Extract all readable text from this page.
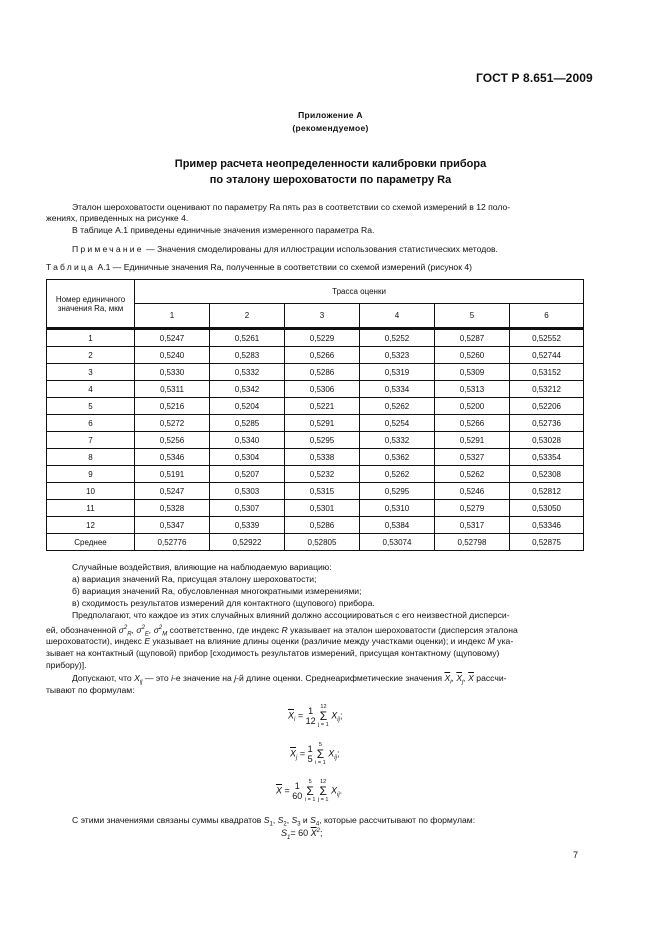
ГОСТ Р 8.651—2009
Приложение А
(рекомендуемое)
Пример расчета неопределенности калибровки прибора
по эталону шероховатости по параметру Ra
Эталон шероховатости оценивают по параметру Ra пять раз в соответствии со схемой измерений в 12 поло-
жениях, приведенных на рисунке 4.
В таблице А.1 приведены единичные значения измеренного параметра Ra.
Примечание — Значения смоделированы для иллюстрации использования статистических методов.
Таблица А.1 — Единичные значения Ra, полученные в соответствии со схемой измерений (рисунок 4)
Номер единичного
значения Ra, мкм	Трасса оценки					
	1	2	3	4	5	6
1	0,5247	0,5261	0,5229	0,5252	0,5287	0,52552
2	0,5240	0,5283	0,5266	0,5323	0,5260	0,52744
3	0,5330	0,5332	0,5286	0,5319	0,5309	0,53152
4	0,5311	0,5342	0,5306	0,5334	0,5313	0,53212
5	0,5216	0,5204	0,5221	0,5262	0,5200	0,52206
6	0,5272	0,5285	0,5291	0,5254	0,5266	0,52736
7	0,5256	0,5340	0,5295	0,5332	0,5291	0,53028
8	0,5346	0,5304	0,5338	0,5362	0,5327	0,53354
9	0,5191	0,5207	0,5232	0,5262	0,5262	0,52308
10	0,5247	0,5303	0,5315	0,5295	0,5246	0,52812
11	0,5328	0,5307	0,5301	0,5310	0,5279	0,53050
12	0,5347	0,5339	0,5286	0,5384	0,5317	0,53346
Среднее	0,52776	0,52922	0,52805	0,53074	0,52798	0,52875
Случайные воздействия, влияющие на наблюдаемую вариацию:
а) вариация значений Ra, присущая эталону шероховатости;
б) вариация значений Ra, обусловленная многократными измерениями;
в) сходимость результатов измерений для контактного (щупового) прибора.
Предполагают, что каждое из этих случайных влияний должно ассоциироваться с его неизвестной дисперси-
ей, обозначенной $\sigma^2_R$, $\sigma^2_E$, $\sigma^2_M$ соответственно, где индекс R указывает на эталон шероховатости (дисперсия эталона
шероховатости), индекс E указывает на влияние длины оценки (различие между участками оценки); и индекс M ука-
зывает на контактный (щуповой) прибор [сходимость результатов измерений, присущая контактному (щуповому)
прибору)].
Допускают, что $X_{ij}$ — это i-е значение на j-й длине оценки. Среднеарифметические значения $\overline{X}_i$, $\overline{X}_j$, $\overline{X}$ рассчи-
тывают по формулам:
$\overline{X}_i = 1$
12

12
Σ
j = 1
$X_{ij}$;
$\overline{X}_j = 1$
5

5
Σ
i = 1
$X_{ij}$;
$\overline{X} = 1$
60

5
Σ
i = 1

12
Σ
j = 1
$X_{ij}$.
С этими значениями связаны суммы квадратов $S_1$, $S_2$, $S_3$ и $S_4$, которые рассчитывают по формулам:
$S_1= 60$ $\overline{X}^2$;
7
